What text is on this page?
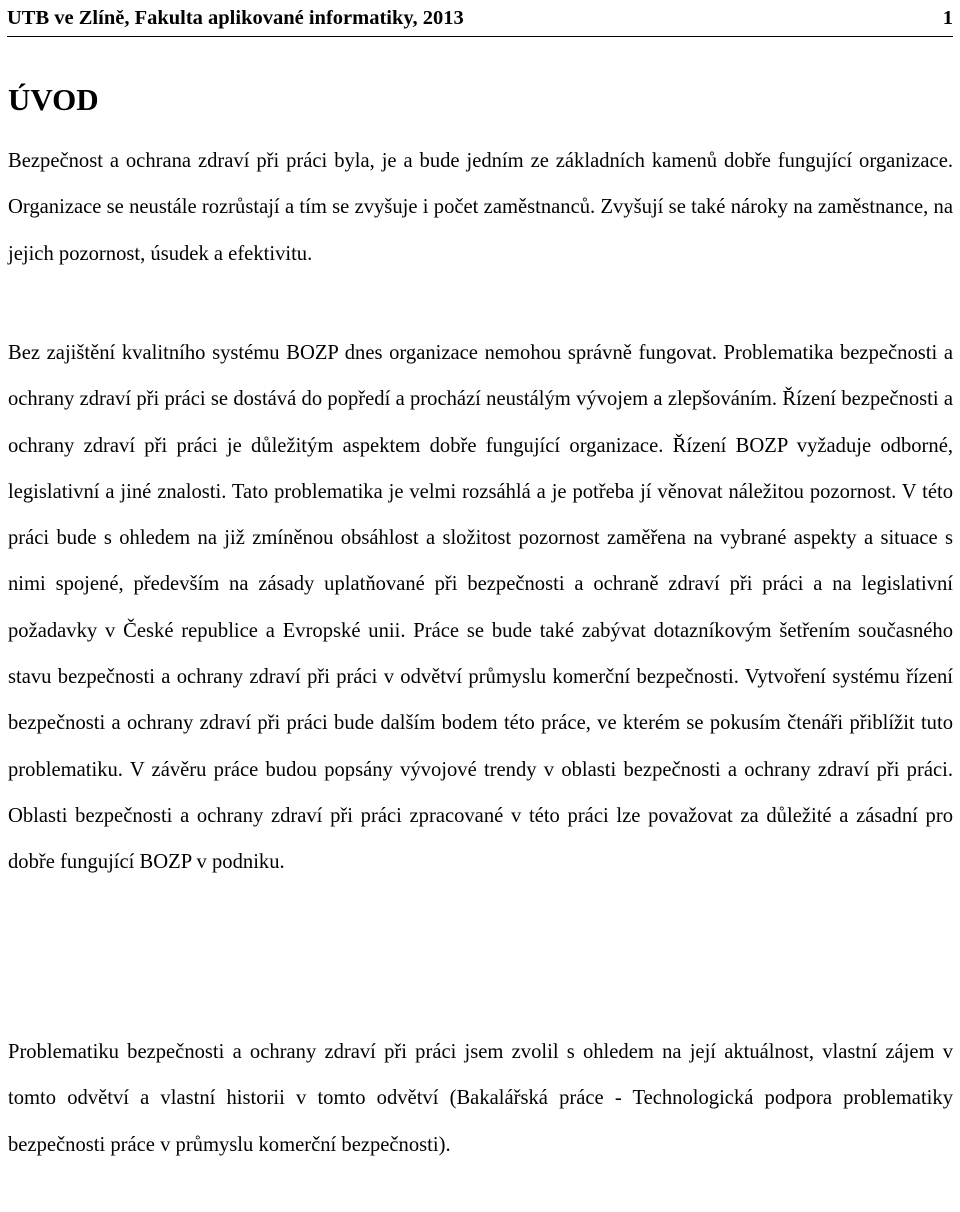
UTB ve Zlíně, Fakulta aplikované informatiky, 2013	1
ÚVOD

Bezpečnost a ochrana zdraví při práci byla, je a bude jedním ze základních kamenů dobře fungující organizace. Organizace se neustále rozrůstají a tím se zvyšuje i počet zaměstnanců. Zvyšují se také nároky na zaměstnance, na jejich pozornost, úsudek a efektivitu.

Bez zajištění kvalitního systému BOZP dnes organizace nemohou správně fungovat. Problematika bezpečnosti a ochrany zdraví při práci se dostává do popředí a prochází neustálým vývojem a zlepšováním. Řízení bezpečnosti a ochrany zdraví při práci je důležitým aspektem dobře fungující organizace. Řízení BOZP vyžaduje odborné, legislativní a jiné znalosti. Tato problematika je velmi rozsáhlá a je potřeba jí věnovat náležitou pozornost. V této práci bude s ohledem na již zmíněnou obsáhlost a složitost pozornost zaměřena na vybrané aspekty a situace s nimi spojené, především na zásady uplatňované při bezpečnosti a ochraně zdraví při práci a na legislativní požadavky v České republice a Evropské unii. Práce se bude také zabývat dotazníkovým šetřením současného stavu bezpečnosti a ochrany zdraví při práci v odvětví průmyslu komerční bezpečnosti. Vytvoření systému řízení bezpečnosti a ochrany zdraví při práci bude dalším bodem této práce, ve kterém se pokusím čtenáři přiblížit tuto problematiku. V závěru práce budou popsány vývojové trendy v oblasti bezpečnosti a ochrany zdraví při práci. Oblasti bezpečnosti a ochrany zdraví při práci zpracované v této práci lze považovat za důležité a zásadní pro dobře fungující BOZP v podniku.

Problematiku bezpečnosti a ochrany zdraví při práci jsem zvolil s ohledem na její aktuálnost, vlastní zájem v tomto odvětví a vlastní historii v tomto odvětví (Bakalářská práce - Technologická podpora problematiky bezpečnosti práce v průmyslu komerční bezpečnosti).
